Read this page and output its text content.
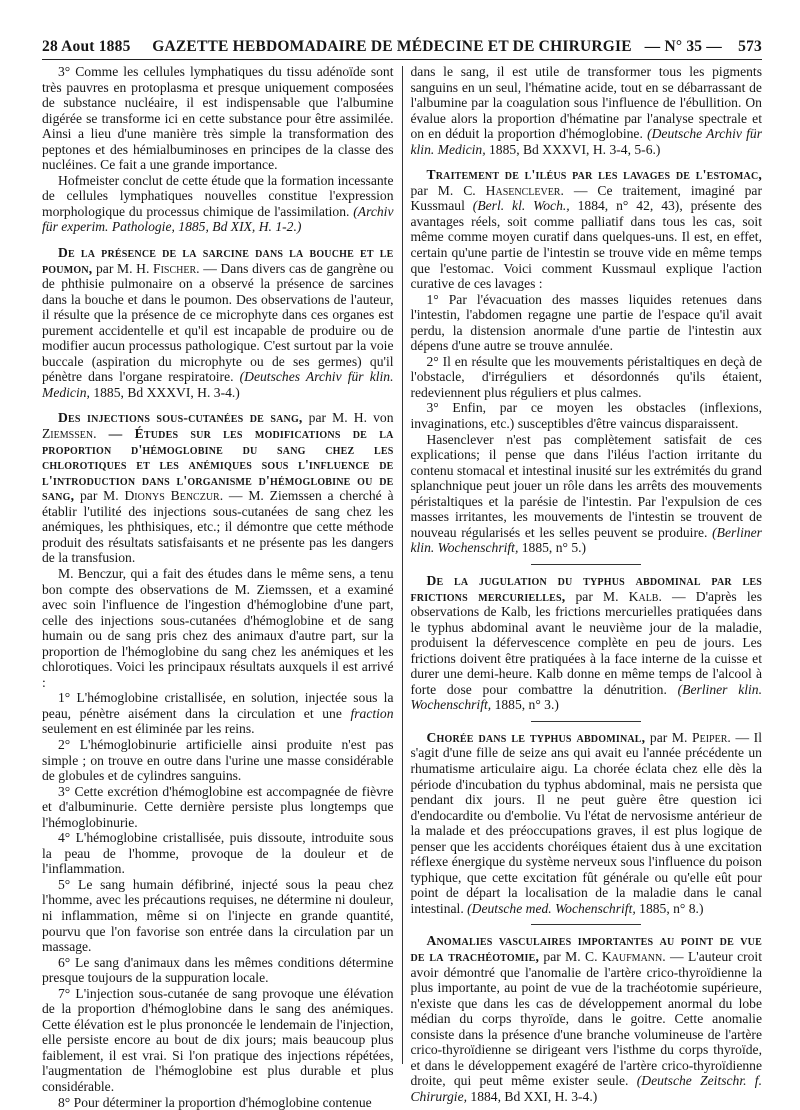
28 Aout 1885	GAZETTE HEBDOMADAIRE DE MÉDECINE ET DE CHIRURGIE — N° 35 —	573

3° Comme les cellules lymphatiques du tissu adénoïde sont très pauvres en protoplasma et presque uniquement composées de substance nucléaire, il est indispensable que l'albumine digérée se transforme ici en cette substance pour être assimilée. Ainsi a lieu d'une manière très simple la transformation des peptones et des hémialbuminoses en principes de la classe des nucléines. Ce fait a une grande importance.

Hofmeister conclut de cette étude que la formation incessante de cellules lymphatiques nouvelles constitue l'expression morphologique du processus chimique de l'assimilation. (Archiv für experim. Pathologie, 1885, Bd XIX, H. 1-2.)

De la présence de la sarcine dans la bouche et le poumon, par M. H. Fischer. — Dans divers cas de gangrène ou de phthisie pulmonaire on a observé la présence de sarcines dans la bouche et dans le poumon. Des observations de l'auteur, il résulte que la présence de ce microphyte dans ces organes est purement accidentelle et qu'il est incapable de produire ou de modifier aucun processus pathologique. C'est surtout par la voie buccale (aspiration du microphyte ou de ses germes) qu'il pénètre dans l'organe respiratoire. (Deutsches Archiv für klin. Medicin, 1885, Bd XXXVI, H. 3-4.)

Des injections sous-cutanées de sang, par M. H. von Ziemssen. — Études sur les modifications de la proportion d'hémoglobine du sang chez les chlorotiques et les anémiques sous l'influence de l'introduction dans l'organisme d'hémoglobine ou de sang, par M. Dionys Benczur. — M. Ziemssen a cherché à établir l'utilité des injections sous-cutanées de sang chez les anémiques, les phthisiques, etc.; il démontre que cette méthode produit des résultats satisfaisants et ne présente pas les dangers de la transfusion.

M. Benczur, qui a fait des études dans le même sens, a tenu bon compte des observations de M. Ziemssen, et a examiné avec soin l'influence de l'ingestion d'hémoglobine d'une part, celle des injections sous-cutanées d'hémoglobine et de sang humain ou de sang pris chez des animaux d'autre part, sur la proportion de l'hémoglobine du sang chez les anémiques et les chlorotiques. Voici les principaux résultats auxquels il est arrivé :

1° L'hémoglobine cristallisée, en solution, injectée sous la peau, pénètre aisément dans la circulation et une fraction seulement en est éliminée par les reins.

2° L'hémoglobinurie artificielle ainsi produite n'est pas simple ; on trouve en outre dans l'urine une masse considérable de globules et de cylindres sanguins.

3° Cette excrétion d'hémoglobine est accompagnée de fièvre et d'albuminurie. Cette dernière persiste plus longtemps que l'hémoglobinurie.

4° L'hémoglobine cristallisée, puis dissoute, introduite sous la peau de l'homme, provoque de la douleur et de l'inflammation.

5° Le sang humain défibriné, injecté sous la peau chez l'homme, avec les précautions requises, ne détermine ni douleur, ni inflammation, même si on l'injecte en grande quantité, pourvu que l'on favorise son entrée dans la circulation par un massage.

6° Le sang d'animaux dans les mêmes conditions détermine presque toujours de la suppuration locale.

7° L'injection sous-cutanée de sang provoque une élévation de la proportion d'hémoglobine dans le sang des anémiques. Cette élévation est le plus prononcée le lendemain de l'injection, elle persiste encore au bout de dix jours; mais beaucoup plus faiblement, il est vrai. Si l'on pratique des injections répétées, l'augmentation de l'hémoglobine est plus durable et plus considérable.

8° Pour déterminer la proportion d'hémoglobine contenue

dans le sang, il est utile de transformer tous les pigments sanguins en un seul, l'hématine acide, tout en se débarrassant de l'albumine par la coagulation sous l'influence de l'ébullition. On évalue alors la proportion d'hématine par l'analyse spectrale et on en déduit la proportion d'hémoglobine. (Deutsche Archiv für klin. Medicin, 1885, Bd XXXVI, H. 3-4, 5-6.)

Traitement de l'iléus par les lavages de l'estomac, par M. C. Hasenclever. — Ce traitement, imaginé par Kussmaul (Berl. kl. Woch., 1884, n° 42, 43), présente des avantages réels, soit comme palliatif dans tous les cas, soit même comme moyen curatif dans quelques-uns. Il est, en effet, certain qu'une partie de l'intestin se trouve vide en même temps que l'estomac. Voici comment Kussmaul explique l'action curative de ces lavages :

1° Par l'évacuation des masses liquides retenues dans l'intestin, l'abdomen regagne une partie de l'espace qu'il avait perdu, la distension anormale d'une partie de l'intestin aux dépens d'une autre se trouve annulée.

2° Il en résulte que les mouvements péristaltiques en deçà de l'obstacle, d'irréguliers et désordonnés qu'ils étaient, redeviennent plus réguliers et plus calmes.

3° Enfin, par ce moyen les obstacles (inflexions, invaginations, etc.) susceptibles d'être vaincus disparaissent.

Hasenclever n'est pas complètement satisfait de ces explications; il pense que dans l'iléus l'action irritante du contenu stomacal et intestinal inusité sur les extrémités du grand splanchnique peut jouer un rôle dans les arrêts des mouvements péristaltiques et la parésie de l'intestin. Par l'expulsion de ces masses irritantes, les mouvements de l'intestin se trouvent de nouveau régularisés et les selles peuvent se produire. (Berliner klin. Wochenschrift, 1885, n° 5.)

De la jugulation du typhus abdominal par les frictions mercurielles, par M. Kalb. — D'après les observations de Kalb, les frictions mercurielles pratiquées dans le typhus abdominal avant le neuvième jour de la maladie, produisent la défervescence complète en peu de jours. Les frictions doivent être pratiquées à la face interne de la cuisse et durer une demi-heure. Kalb donne en même temps de l'alcool à forte dose pour combattre la dénutrition. (Berliner klin. Wochenschrift, 1885, n° 3.)

Chorée dans le typhus abdominal, par M. Peiper. — Il s'agit d'une fille de seize ans qui avait eu l'année précédente un rhumatisme articulaire aigu. La chorée éclata chez elle dès la période d'incubation du typhus abdominal, mais ne persista que pendant dix jours. Il ne peut guère être question ici d'endocardite ou d'embolie. Vu l'état de nervosisme antérieur de la malade et des préoccupations graves, il est plus logique de penser que les accidents choréiques étaient dus à une excitation réflexe énergique du système nerveux sous l'influence du poison typhique, que cette excitation fût générale ou qu'elle eût pour point de départ la localisation de la maladie dans le canal intestinal. (Deutsche med. Wochenschrift, 1885, n° 8.)

Anomalies vasculaires importantes au point de vue de la trachéotomie, par M. C. Kaufmann. — L'auteur croit avoir démontré que l'anomalie de l'artère crico-thyroïdienne la plus importante, au point de vue de la trachéotomie supérieure, n'existe que dans les cas de développement anormal du lobe médian du corps thyroïde, dans le goitre. Cette anomalie consiste dans la présence d'une branche volumineuse de l'artère crico-thyroïdienne se dirigeant vers l'isthme du corps thyroïde, et dans le développement exagéré de l'artère crico-thyroïdienne droite, qui peut même exister seule. (Deutsche Zeitschr. f. Chirurgie, 1884, Bd XXI, H. 3-4.)
